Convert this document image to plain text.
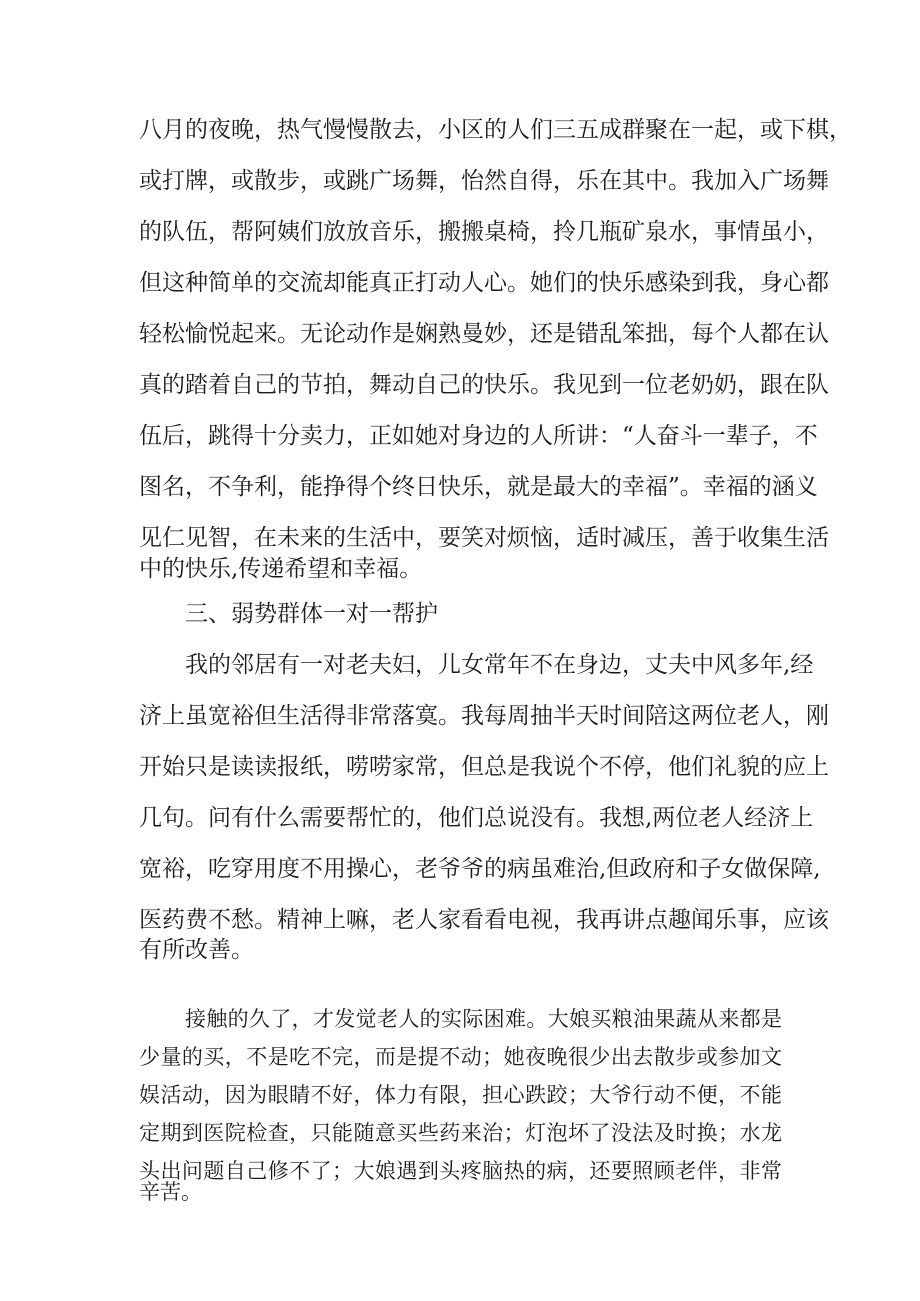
八月的夜晚，热气慢慢散去，小区的人们三五成群聚在一起，或下棋，

或打牌，或散步，或跳广场舞，怡然自得，乐在其中。我加入广场舞

的队伍，帮阿姨们放放音乐，搬搬桌椅，拎几瓶矿泉水，事情虽小，

但这种简单的交流却能真正打动人心。她们的快乐感染到我，身心都

轻松愉悦起来。无论动作是娴熟曼妙，还是错乱笨拙，每个人都在认

真的踏着自己的节拍，舞动自己的快乐。我见到一位老奶奶，跟在队

伍后，跳得十分卖力，正如她对身边的人所讲：“人奋斗一辈子，不

图名，不争利，能挣得个终日快乐，就是最大的幸福”。幸福的涵义

见仁见智，在未来的生活中，要笑对烦恼，适时减压，善于收集生活

中的快乐,传递希望和幸福。

三、弱势群体一对一帮护

我的邻居有一对老夫妇，儿女常年不在身边，丈夫中风多年,经

济上虽宽裕但生活得非常落寞。我每周抽半天时间陪这两位老人，刚

开始只是读读报纸，唠唠家常，但总是我说个不停，他们礼貌的应上

几句。问有什么需要帮忙的，他们总说没有。我想,两位老人经济上

宽裕，吃穿用度不用操心，老爷爷的病虽难治,但政府和子女做保障,

医药费不愁。精神上嘛，老人家看看电视，我再讲点趣闻乐事，应该

有所改善。

接触的久了，才发觉老人的实际困难。大娘买粮油果蔬从来都是

少量的买，不是吃不完，而是提不动；她夜晚很少出去散步或参加文

娱活动，因为眼睛不好，体力有限，担心跌跤；大爷行动不便，不能

定期到医院检查，只能随意买些药来治；灯泡坏了没法及时换；水龙

头出问题自己修不了；大娘遇到头疼脑热的病，还要照顾老伴，非常

辛苦。
